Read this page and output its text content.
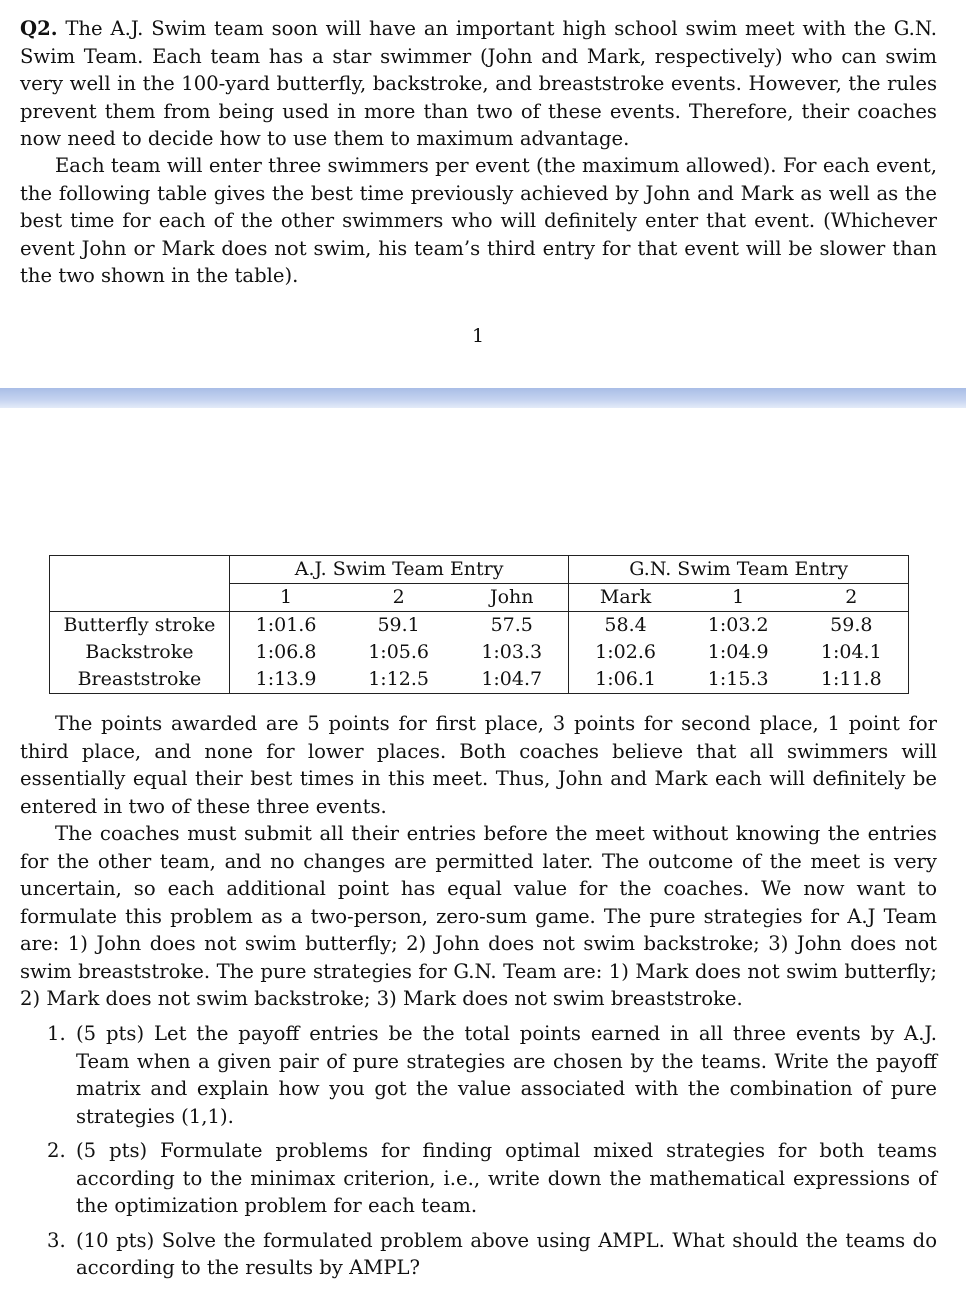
Q2. The A.J. Swim team soon will have an important high school swim meet with the G.N. Swim Team. Each team has a star swimmer (John and Mark, respectively) who can swim very well in the 100-yard butterfly, backstroke, and breaststroke events. However, the rules prevent them from being used in more than two of these events. Therefore, their coaches now need to decide how to use them to maximum advantage.

Each team will enter three swimmers per event (the maximum allowed). For each event, the following table gives the best time previously achieved by John and Mark as well as the best time for each of the other swimmers who will definitely enter that event. (Whichever event John or Mark does not swim, his team’s third entry for that event will be slower than the two shown in the table).

1
	A.J. Swim Team Entry			G.N. Swim Team Entry		
	1	2	John	Mark	1	2
Butterfly stroke	1:01.6	59.1	57.5	58.4	1:03.2	59.8
Backstroke	1:06.8	1:05.6	1:03.3	1:02.6	1:04.9	1:04.1
Breaststroke	1:13.9	1:12.5	1:04.7	1:06.1	1:15.3	1:11.8

The points awarded are 5 points for first place, 3 points for second place, 1 point for third place, and none for lower places. Both coaches believe that all swimmers will essentially equal their best times in this meet. Thus, John and Mark each will definitely be entered in two of these three events.

The coaches must submit all their entries before the meet without knowing the entries for the other team, and no changes are permitted later. The outcome of the meet is very uncertain, so each additional point has equal value for the coaches. We now want to formulate this problem as a two-person, zero-sum game. The pure strategies for A.J Team are: 1) John does not swim butterfly; 2) John does not swim backstroke; 3) John does not swim breaststroke. The pure strategies for G.N. Team are: 1) Mark does not swim butterfly; 2) Mark does not swim backstroke; 3) Mark does not swim breaststroke.

1. (5 pts) Let the payoff entries be the total points earned in all three events by A.J. Team when a given pair of pure strategies are chosen by the teams. Write the payoff matrix and explain how you got the value associated with the combination of pure strategies (1,1).
2. (5 pts) Formulate problems for finding optimal mixed strategies for both teams according to the minimax criterion, i.e., write down the mathematical expressions of the optimization problem for each team.
3. (10 pts) Solve the formulated problem above using AMPL. What should the teams do according to the results by AMPL?
